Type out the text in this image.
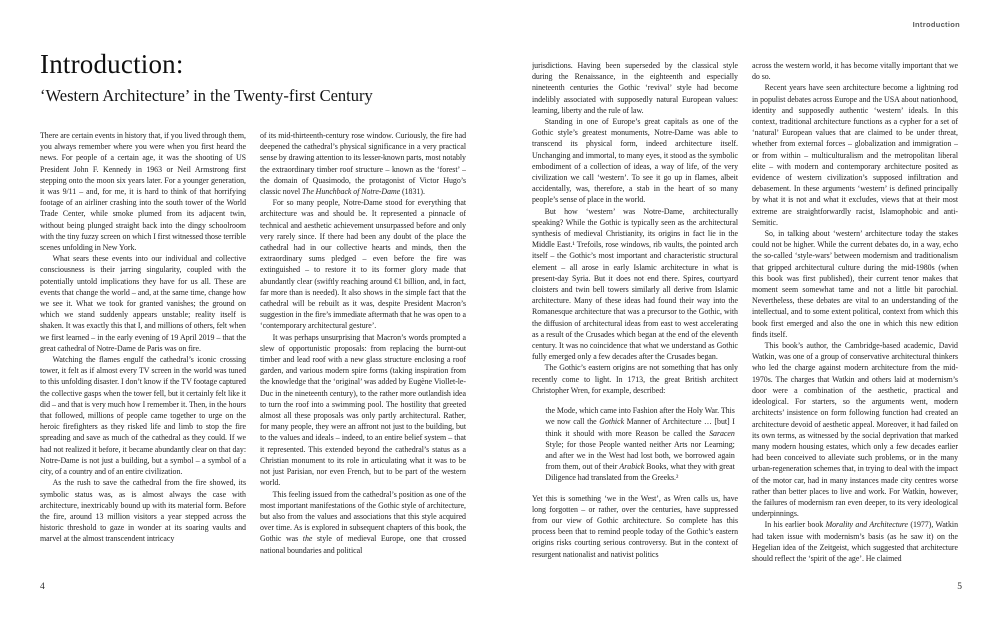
Introduction:
‘Western Architecture’ in the Twenty-first Century

There are certain events in history that, if you lived through them, you always remember where you were when you first heard the news. For people of a certain age, it was the shooting of US President John F. Kennedy in 1963 or Neil Armstrong first stepping onto the moon six years later. For a younger generation, it was 9/11 – and, for me, it is hard to think of that horrifying footage of an airliner crashing into the south tower of the World Trade Center, while smoke plumed from its adjacent twin, without being plunged straight back into the dingy schoolroom with the tiny fuzzy screen on which I first witnessed those terrible scenes unfolding in New York.

What sears these events into our individual and collective consciousness is their jarring singularity, coupled with the potentially untold implications they have for us all. These are events that change the world – and, at the same time, change how we see it. What we took for granted vanishes; the ground on which we stand suddenly appears unstable; reality itself is shaken. It was exactly this that I, and millions of others, felt when we first learned – in the early evening of 19 April 2019 – that the great cathedral of Notre-Dame de Paris was on fire.

Watching the flames engulf the cathedral’s iconic crossing tower, it felt as if almost every TV screen in the world was tuned to this unfolding disaster. I don’t know if the TV footage captured the collective gasps when the tower fell, but it certainly felt like it did – and that is very much how I remember it. Then, in the hours that followed, millions of people came together to urge on the heroic firefighters as they risked life and limb to stop the fire spreading and save as much of the cathedral as they could. If we had not realized it before, it became abundantly clear on that day: Notre-Dame is not just a building, but a symbol – a symbol of a city, of a country and of an entire civilization.

As the rush to save the cathedral from the fire showed, its symbolic status was, as is almost always the case with architecture, inextricably bound up with its material form. Before the fire, around 13 million visitors a year stepped across the historic threshold to gaze in wonder at its soaring vaults and marvel at the almost transcendent intricacy

of its mid-thirteenth-century rose window. Curiously, the fire had deepened the cathedral’s physical significance in a very practical sense by drawing attention to its lesser-known parts, most notably the extraordinary timber roof structure – known as the ‘forest’ – the domain of Quasimodo, the protagonist of Victor Hugo’s classic novel The Hunchback of Notre-Dame (1831).

For so many people, Notre-Dame stood for everything that architecture was and should be. It represented a pinnacle of technical and aesthetic achievement unsurpassed before and only very rarely since. If there had been any doubt of the place the cathedral had in our collective hearts and minds, then the extraordinary sums pledged – even before the fire was extinguished – to restore it to its former glory made that abundantly clear (swiftly reaching around €1 billion, and, in fact, far more than is needed). It also shows in the simple fact that the cathedral will be rebuilt as it was, despite President Macron’s suggestion in the fire’s immediate aftermath that he was open to a ‘contemporary architectural gesture’.

It was perhaps unsurprising that Macron’s words prompted a slew of opportunistic proposals: from replacing the burnt-out timber and lead roof with a new glass structure enclosing a roof garden, and various modern spire forms (taking inspiration from the knowledge that the ‘original’ was added by Eugène Viollet-le-Duc in the nineteenth century), to the rather more outlandish idea to turn the roof into a swimming pool. The hostility that greeted almost all these proposals was only partly architectural. Rather, for many people, they were an affront not just to the building, but to the values and ideals – indeed, to an entire belief system – that it represented. This extended beyond the cathedral’s status as a Christian monument to its role in articulating what it was to be not just Parisian, nor even French, but to be part of the western world.

This feeling issued from the cathedral’s position as one of the most important manifestations of the Gothic style of architecture, but also from the values and associations that this style acquired over time. As is explored in subsequent chapters of this book, the Gothic was the style of medieval Europe, one that crossed national boundaries and political

4
Introduction

jurisdictions. Having been superseded by the classical style during the Renaissance, in the eighteenth and especially nineteenth centuries the Gothic ‘revival’ style had become indelibly associated with supposedly natural European values: learning, liberty and the rule of law.

Standing in one of Europe’s great capitals as one of the Gothic style’s greatest monuments, Notre-Dame was able to transcend its physical form, indeed architecture itself. Unchanging and immortal, to many eyes, it stood as the symbolic embodiment of a collection of ideas, a way of life, of the very civilization we call ‘western’. To see it go up in flames, albeit accidentally, was, therefore, a stab in the heart of so many people’s sense of place in the world.

But how ‘western’ was Notre-Dame, architecturally speaking? While the Gothic is typically seen as the architectural synthesis of medieval Christianity, its origins in fact lie in the Middle East.¹ Trefoils, rose windows, rib vaults, the pointed arch itself – the Gothic’s most important and characteristic structural element – all arose in early Islamic architecture in what is present-day Syria. But it does not end there. Spires, courtyard cloisters and twin bell towers similarly all derive from Islamic architecture. Many of these ideas had found their way into the Romanesque architecture that was a precursor to the Gothic, with the diffusion of architectural ideas from east to west accelerating as a result of the Crusades which began at the end of the eleventh century. It was no coincidence that what we understand as Gothic fully emerged only a few decades after the Crusades began.

The Gothic’s eastern origins are not something that has only recently come to light. In 1713, the great British architect Christopher Wren, for example, described:

the Mode, which came into Fashion after the Holy War. This we now call the Gothick Manner of Architecture … [but] I think it should with more Reason be called the Saracen Style; for those People wanted neither Arts nor Learning; and after we in the West had lost both, we borrowed again from them, out of their Arabick Books, what they with great Diligence had translated from the Greeks.²

Yet this is something ‘we in the West’, as Wren calls us, have long forgotten – or rather, over the centuries, have suppressed from our view of Gothic architecture. So complete has this process been that to remind people today of the Gothic’s eastern origins risks courting serious controversy. But in the context of resurgent nationalist and nativist politics

across the western world, it has become vitally important that we do so.

Recent years have seen architecture become a lightning rod in populist debates across Europe and the USA about nationhood, identity and supposedly authentic ‘western’ ideals. In this context, traditional architecture functions as a cypher for a set of ‘natural’ European values that are claimed to be under threat, whether from external forces – globalization and immigration – or from within – multiculturalism and the metropolitan liberal elite – with modern and contemporary architecture posited as evidence of western civilization’s supposed infiltration and debasement. In these arguments ‘western’ is defined principally by what it is not and what it excludes, views that at their most extreme are straightforwardly racist, Islamophobic and anti-Semitic.

So, in talking about ‘western’ architecture today the stakes could not be higher. While the current debates do, in a way, echo the so-called ‘style-wars’ between modernism and traditionalism that gripped architectural culture during the mid-1980s (when this book was first published), their current tenor makes that moment seem somewhat tame and not a little bit parochial. Nevertheless, these debates are vital to an understanding of the intellectual, and to some extent political, context from which this book first emerged and also the one in which this new edition finds itself.

This book’s author, the Cambridge-based academic, David Watkin, was one of a group of conservative architectural thinkers who led the charge against modern architecture from the mid-1970s. The charges that Watkin and others laid at modernism’s door were a combination of the aesthetic, practical and ideological. For starters, so the arguments went, modern architects’ insistence on form following function had created an architecture devoid of aesthetic appeal. Moreover, it had failed on its own terms, as witnessed by the social deprivation that marked many modern housing estates, which only a few decades earlier had been conceived to alleviate such problems, or in the many urban-regeneration schemes that, in trying to deal with the impact of the motor car, had in many instances made city centres worse rather than better places to live and work. For Watkin, however, the failures of modernism ran even deeper, to its very ideological underpinnings.

In his earlier book Morality and Architecture (1977), Watkin had taken issue with modernism’s basis (as he saw it) on the Hegelian idea of the Zeitgeist, which suggested that architecture should reflect the ‘spirit of the age’. He claimed

5
